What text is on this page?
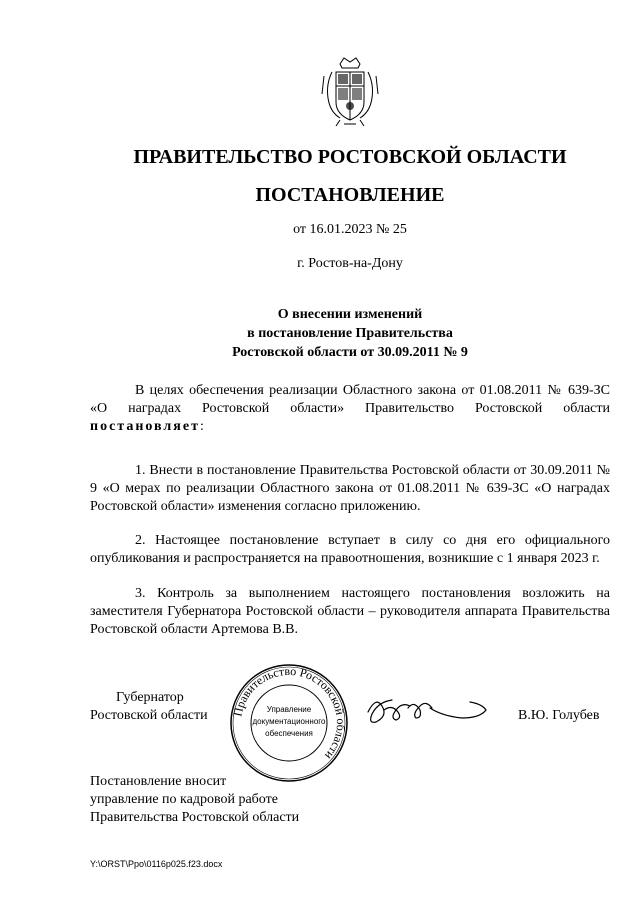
ПРАВИТЕЛЬСТВО РОСТОВСКОЙ ОБЛАСТИ
ПОСТАНОВЛЕНИЕ
от 16.01.2023 № 25
г. Ростов-на-Дону
О внесении изменений
в постановление Правительства
Ростовской области от 30.09.2011 № 9
В целях обеспечения реализации Областного закона от 01.08.2011 № 639-ЗС «О наградах Ростовской области» Правительство Ростовской области постановляет:
1. Внести в постановление Правительства Ростовской области от 30.09.2011 № 9 «О мерах по реализации Областного закона от 01.08.2011 № 639-ЗС «О наградах Ростовской области» изменения согласно приложению.
2. Настоящее постановление вступает в силу со дня его официального опубликования и распространяется на правоотношения, возникшие с 1 января 2023 г.
3. Контроль за выполнением настоящего постановления возложить на заместителя Губернатора Ростовской области – руководителя аппарата Правительства Ростовской области Артемова В.В.
Губернатор
Ростовской области	В.Ю. Голубев
Правительство Ростовской области
Управление
документационного
обеспечения
Постановление вносит
управление по кадровой работе
Правительства Ростовской области
Y:\ORST\Ppo\0116p025.f23.docx
